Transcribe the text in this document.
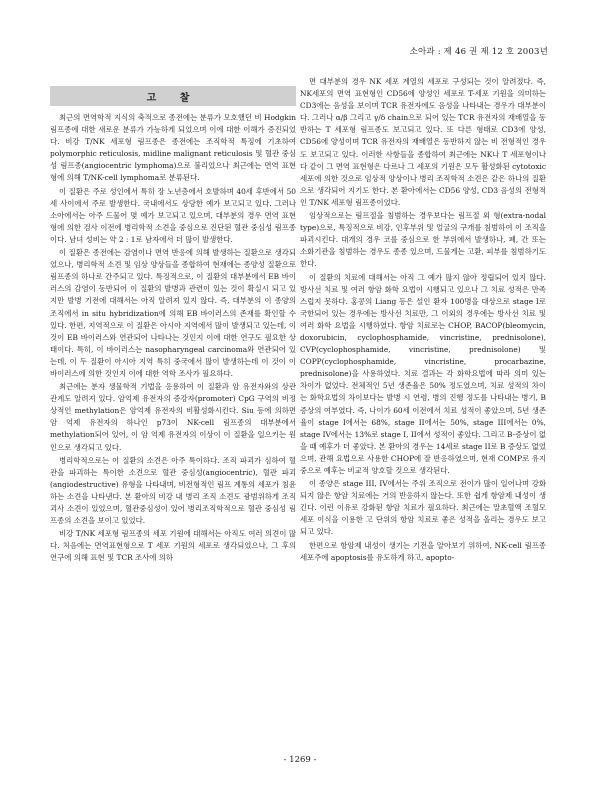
소아과 : 제 46 권 제 12 호 2003년
고 찰

최근의 면역학적 지식의 축적으로 종전에는 분류가 모호했던 비 Hodgkin 림프종에 대한 새로운 분류가 가능하게 되었으며 이에 대한 이해가 증진되었다. 비강 T/NK 세포형 림프종은 종전에는 조직학적 특징에 기초하여 polymorphic reticulosis, midline malignant reticulosis 및 혈관 중심성 림프종(angiocentric lymphoma)으로 불리었으나 최근에는 면역 표현형에 의해 T/NK-cell lymphoma로 분류된다.

이 질환은 주로 성인에서 특히 장 노년층에서 호발하며 40세 후반에서 50세 사이에서 주로 발생한다. 국내에서도 상당한 예가 보고되고 있다. 그러나 소아에서는 아주 드물어 몇 예가 보고되고 있으며, 대부분의 경우 면역 표현형에 의한 검사 이전에 병리학적 소견을 중심으로 진단된 혈관 중심성 림프종이다. 남녀 성비는 약 2 : 1로 남자에서 더 많이 발생한다.

이 질환은 종전에는 감염이나 면역 반응에 의해 발생하는 질환으로 생각되었으나, 병리학적 소견 및 임상 양상들을 종합하여 현재에는 종양성 질환으로 림프종의 하나로 간주되고 있다. 특징적으로, 이 질환의 대부분에서 EB 바이러스의 감염이 동반되어 이 질환의 발병과 관련이 있는 것이 확실시 되고 있지만 발병 기전에 대해서는 아직 알려져 있지 않다. 즉, 대부분의 이 종양의 조직에서 in situ hybridization에 의해 EB 바이러스의 존재를 확인할 수 있다. 한편, 지역적으로 이 질환은 아시아 지역에서 많이 발생되고 있는데, 이 것이 EB 바이러스와 연관되어 나타나는 것인지 이에 대한 연구도 필요한 상태이다. 특히, 이 바이러스는 nasopharyngeal carcinoma와 연관되어 있는데, 이 두 질환이 아시아 지역 특히 중국에서 많이 발생하는데 이 것이 이 바이러스에 의한 것인지 이에 대한 역학 조사가 필요하다.

최근에는 분자 생물학적 기법을 응용하여 이 질환과 암 유전자와의 상관 관계도 알려져 있다. 암억제 유전자의 증강자(promoter) CpG 구역의 비정상적인 methylation은 암억제 유전자의 비활성화시킨다. Siu 등에 의하면 암 억제 유전자의 하나인 p73이 NK-cell 림프종의 대부분에서 methylation되어 있어, 이 암 억제 유전자의 이상이 이 질환을 일으키는 원인으로 생각되고 있다.

병리학적으로는 이 질환의 소견은 아주 특이하다. 조직 파괴가 심하여 혈관을 파괴하는 특이한 소견으로 혈관 중심성(angiocentric), 혈관 파괴(angiodestructive) 유형을 나타내며, 비전형적인 림프 계통의 세포가 침윤하는 소견을 나타낸다. 본 환아의 비강 내 병리 조직 소견도 광범위하게 조직 괴사 소견이 있었으며, 혈관중심성이 있어 병리조직학적으로 혈관 중심성 림프종의 소견을 보이고 있었다.

비강 T/NK 세포형 림프종의 세포 기원에 대해서는 아직도 여러 의견이 많다. 처음에는 면역표현형으로 T 세포 기원의 세포로 생각되었으나, 그 후의 연구에 의해 표현 및 TCR 조사에 의하

면 대부분의 경우 NK 세포 계열의 세포로 구성되는 것이 알려졌다. 즉, NK세포의 면역 표현형인 CD56에 양성인 세포로 T-세포 기원을 의미하는 CD3에는 음성을 보이며 TCR 유전자에도 음성을 나타내는 경우가 대부분이다. 그러나 α/β 그리고 γ/δ chain으로 되어 있는 TCR 유전자의 재배열을 동반하는 T 세포형 림프종도 보고되고 있다. 또 다른 형태로 CD3에 양성, CD56에 양성이며 TCR 유전자의 재배열은 동반하지 않는 비 전형적인 경우도 보고되고 있다. 이러한 사항들을 종합하여 최근에는 NK나 T 세포형이나 다 같이 그 면역 표현형은 다르나 그 세포의 기원은 모두 활성화된 cytotoxic 세포에 의한 것으로 임상적 양상이나 병리 조직학적 소견은 같은 하나의 질환으로 생각되어 지기도 한다. 본 환아에서는 CD56 양성, CD3 음성의 전형적인 T/NK 세포형 림프종이었다.

임상적으로는 림프절을 침범하는 경우보다는 림프절 외 형(extra-nodal type)으로, 특징적으로 비강, 인후부위 및 얼굴의 구개를 침범하여 이 조직을 파괴시킨다. 대개의 경우 코를 중심으로 한 부위에서 발생하나, 폐, 간 또는 소화기관을 침범하는 경우도 종종 있으며, 드물게는 고환, 피부를 침범하기도 한다.

이 질환의 치료에 대해서는 아직 그 예가 많지 않아 정립되어 있지 않다. 방사선 치료 및 여러 항암 화학 요법이 시행되고 있으나 그 치료 성적은 만족스럽지 못하다. 홍콩의 Liang 등은 설인 환자 100명을 대상으로 stage I로 국한되어 있는 경우에는 방사선 치료만, 그 이외의 경우에는 방사선 치료 및 여러 화학 요법을 시행하였다. 항암 치료로는 CHOP, BACOP(bleomycin, doxorubicin, cyclophosphamide, vincristine, prednisolone), CVP(cyclophosphamide, vincristine, prednisolone) 및 COPP(cyclophosphamide, vincristine, procarbazine, prednisolone)을 사용하였다. 치료 결과는 각 화학요법에 따라 의미 있는 차이가 없었다. 전체적인 5년 생존율은 50% 정도였으며, 치료 성적의 차이는 화학요법의 차이보다는 발병 시 연령, 병의 진행 정도를 나타내는 병기, B 증상의 여부였다. 즉, 나이가 60세 이전에서 치료 성적이 좋았으며, 5년 생존율이 stage I에서는 68%, stage II에서는 50%, stage III에서는 0%, stage IV에서는 13%로 stage I, II에서 성적이 좋았다. 그리고 B-증상이 없을 때 예후가 더 좋았다. 본 환아의 경우는 14세로 stage II로 B 증상도 없었으며, 관해 요법으로 사용한 CHOP에 잘 반응하였으며, 현재 COMP로 유지 중으로 예후는 비교적 양호할 것으로 생각된다.

이 종양은 stage III, IV에서는 주위 조직으로 전이가 많이 일어나며 강화되지 않은 항암 치료에는 거의 반응하지 않는다. 또한 쉽게 항암제 내성이 생긴다. 이런 이유로 강화된 항암 치료가 필요하다. 최근에는 말초혈액 조혈모 세포 이식을 이용한 고 단위의 항암 치료로 좋은 성적을 올리는 경우도 보고되고 있다.

한편으로 항암제 내성이 생기는 기전을 알아보기 위하여, NK-cell 림프종 세포주에 apoptosis를 유도하게 하고, apopto-

- 1269 -
